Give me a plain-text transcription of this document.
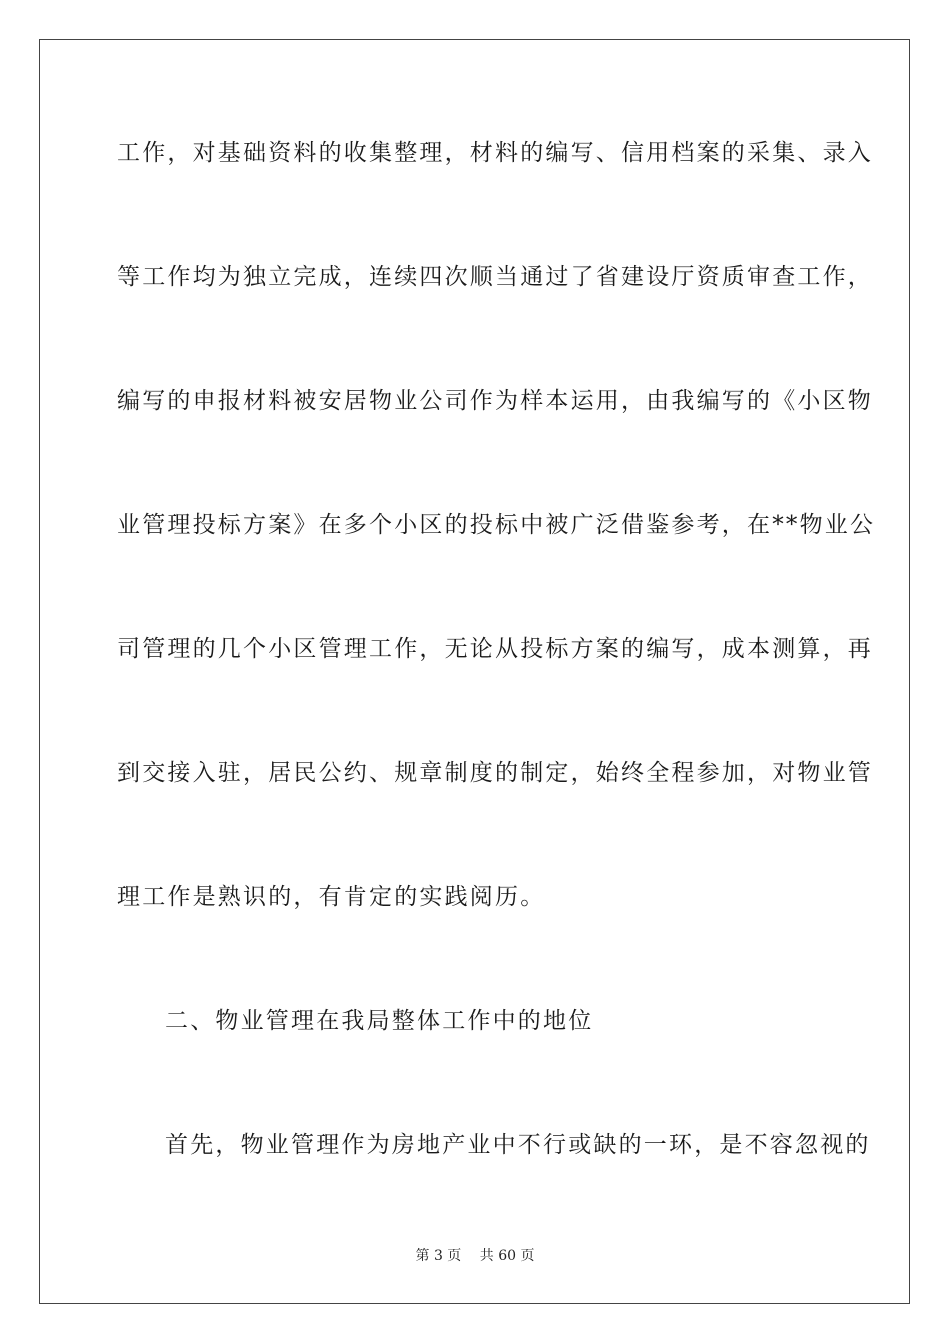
工作，对基础资料的收集整理，材料的编写、信用档案的采集、录入
等工作均为独立完成，连续四次顺当通过了省建设厅资质审查工作，
编写的申报材料被安居物业公司作为样本运用，由我编写的《小区物
业管理投标方案》在多个小区的投标中被广泛借鉴参考，在**物业公
司管理的几个小区管理工作，无论从投标方案的编写，成本测算，再
到交接入驻，居民公约、规章制度的制定，始终全程参加，对物业管
理工作是熟识的，有肯定的实践阅历。
二、物业管理在我局整体工作中的地位
首先，物业管理作为房地产业中不行或缺的一环，是不容忽视的
第 3 页 共 60 页
